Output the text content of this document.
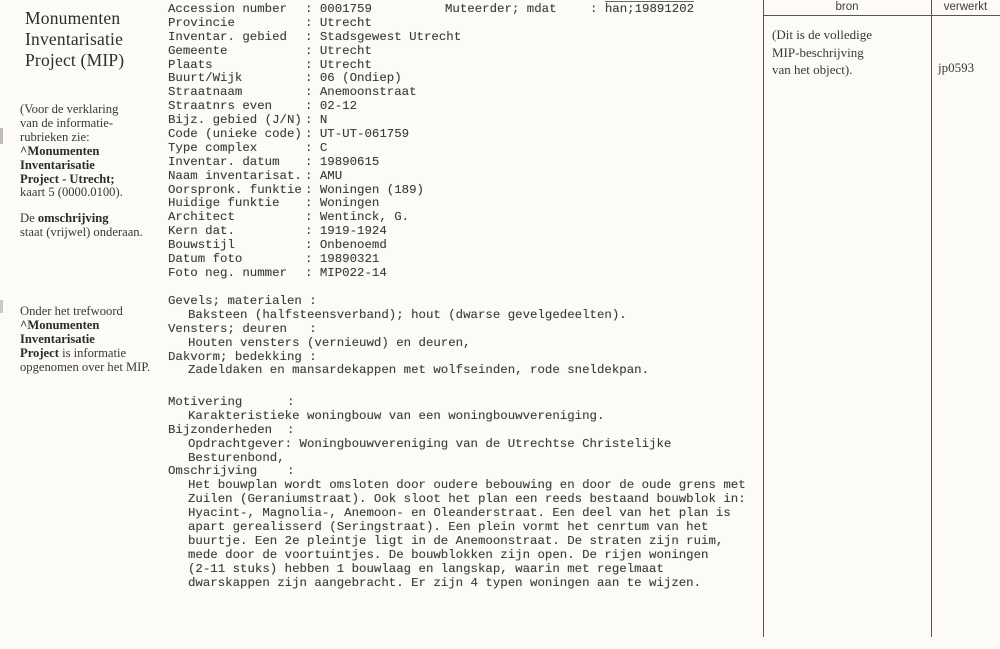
Monumenten
Inventarisatie
Project (MIP)
(Voor de verklaring
van de informatie-
rubrieken zie:
^Monumenten Inventarisatie
Project - Utrecht;
kaart 5 (0000.0100).
De omschrijving
staat (vrijwel) onderaan.
Onder het trefwoord
^Monumenten Inventarisatie
Project is informatie
opgenomen over het MIP.
Accession number : 0001759
Provincie	: Utrecht
Inventar. gebied : Stadsgewest Utrecht
Gemeente	: Utrecht
Plaats	: Utrecht
Buurt/Wijk	: 06 (Ondiep)
Straatnaam	: Anemoonstraat
Straatnrs even	: 02-12
Bijz. gebied (J/N) : N
Code (unieke code) : UT-UT-061759
Type complex	: C
Inventar. datum : 19890615
Naam inventarisat. : AMU
Oorspronk. funktie : Woningen (189)
Huidige funktie : Woningen
Architect	: Wentinck, G.
Kern dat.	: 1919-1924
Bouwstijl	: Onbenoemd
Datum foto	: 19890321
Foto neg. nummer : MIP022-14
Muteerder; mdat	: han;19891202
Gevels; materialen :
Baksteen (halfsteensverband); hout (dwarse gevelgedeelten).
Vensters; deuren   :
Houten vensters (vernieuwd) en deuren,
Dakvorm; bedekking :
Zadeldaken en mansardekappen met wolfseinden, rode sneldekpan.
Motivering      :
Karakteristieke woningbouw van een woningbouwvereniging.
Bijzonderheden  :
Opdrachtgever: Woningbouwvereniging van de Utrechtse Christelijke
Besturenbond,
Omschrijving    :
Het bouwplan wordt omsloten door oudere bebouwing en door de oude grens met
Zuilen (Geraniumstraat). Ook sloot het plan een reeds bestaand bouwblok in:
Hyacint-, Magnolia-, Anemoon- en Oleanderstraat. Een deel van het plan is
apart gerealisserd (Seringstraat). Een plein vormt het cenrtum van het
buurtje. Een 2e pleintje ligt in de Anemoonstraat. De straten zijn ruim,
mede door de voortuintjes. De bouwblokken zijn open. De rijen woningen
(2-11 stuks) hebben 1 bouwlaag en langskap, waarin met regelmaat
dwarskappen zijn aangebracht. Er zijn 4 typen woningen aan te wijzen.
bron	verwerkt
(Dit is de volledige
MIP-beschrijving
van het object).	jp0593
